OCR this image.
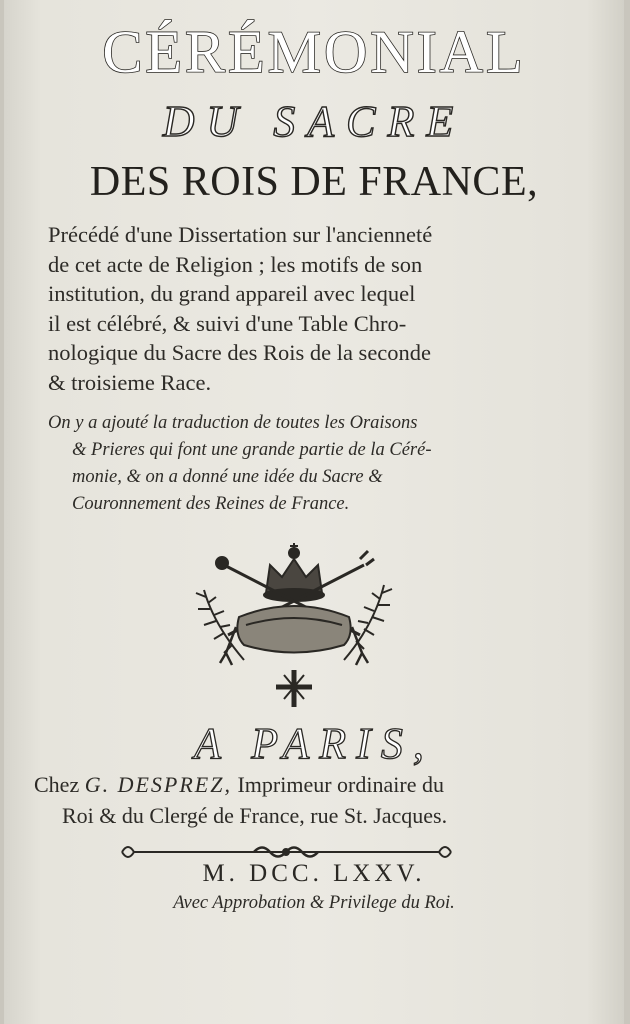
CÉRÉMONIAL
DU SACRE
DES ROIS DE FRANCE,
Précédé d'une Dissertation sur l'ancienneté
de cet acte de Religion ; les motifs de son
institution, du grand appareil avec lequel
il est célébré, & suivi d'une Table Chro-
nologique du Sacre des Rois de la seconde
& troisieme Race.
On y a ajouté la traduction de toutes les Oraisons
& Prieres qui font une grande partie de la Céré-
monie, & on a donné une idée du Sacre &
Couronnement des Reines de France.
A PARIS,
Chez G. DESPREZ, Imprimeur ordinaire du
Roi & du Clergé de France, rue St. Jacques.
M. DCC. LXXV.
Avec Approbation & Privilege du Roi.
